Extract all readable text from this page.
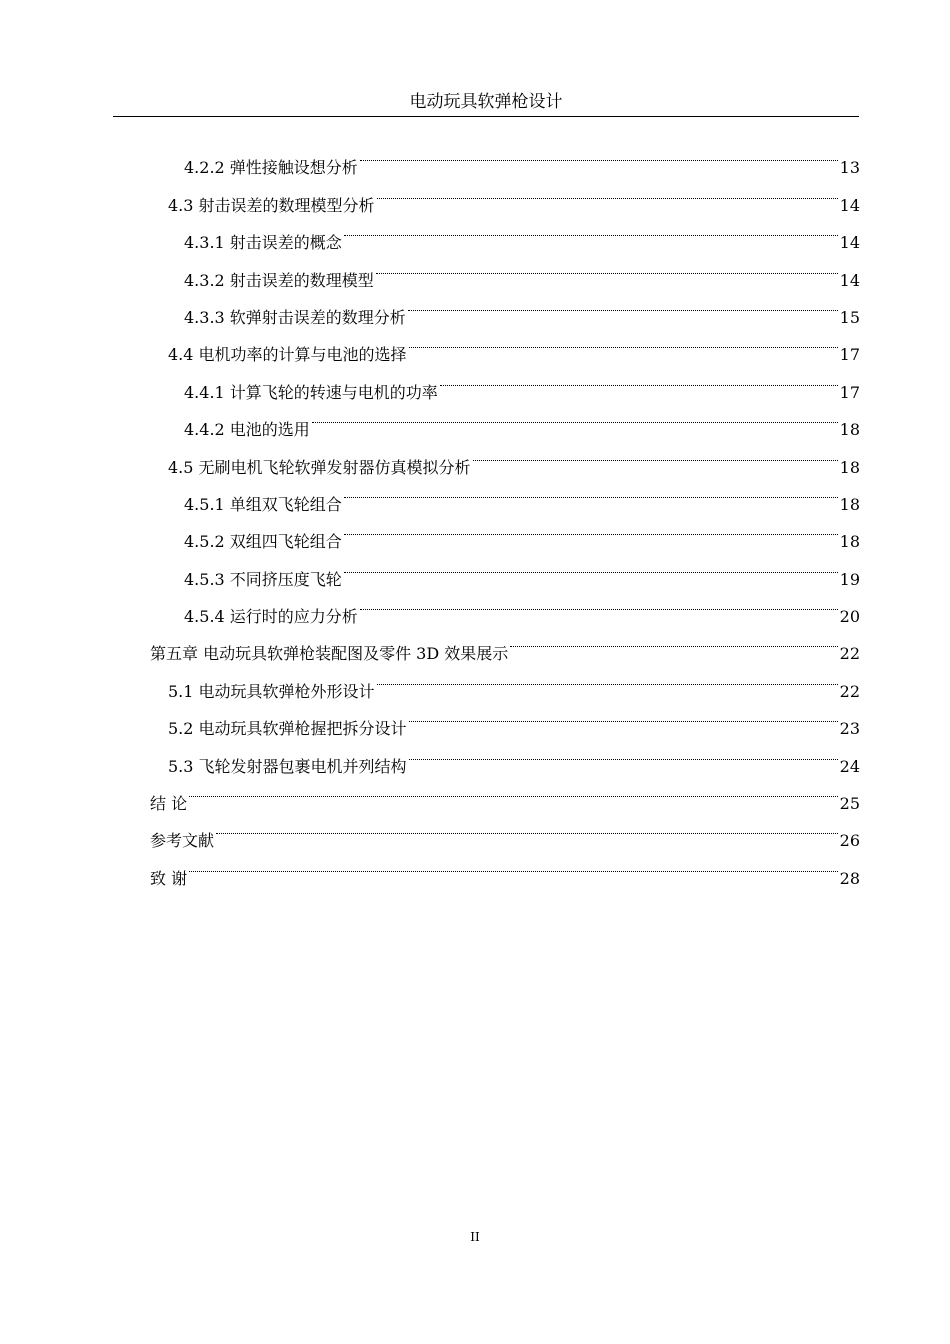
电动玩具软弹枪设计
4.2.2 弹性接触设想分析	13
4.3 射击误差的数理模型分析	14
4.3.1 射击误差的概念	14
4.3.2 射击误差的数理模型	14
4.3.3 软弹射击误差的数理分析	15
4.4 电机功率的计算与电池的选择	17
4.4.1 计算飞轮的转速与电机的功率	17
4.4.2 电池的选用	18
4.5 无刷电机飞轮软弹发射器仿真模拟分析	18
4.5.1 单组双飞轮组合	18
4.5.2 双组四飞轮组合	18
4.5.3 不同挤压度飞轮	19
4.5.4 运行时的应力分析	20
第五章 电动玩具软弹枪装配图及零件 3D 效果展示	22
5.1 电动玩具软弹枪外形设计	22
5.2 电动玩具软弹枪握把拆分设计	23
5.3 飞轮发射器包裹电机并列结构	24
结 论	25
参考文献	26
致 谢	28
II
